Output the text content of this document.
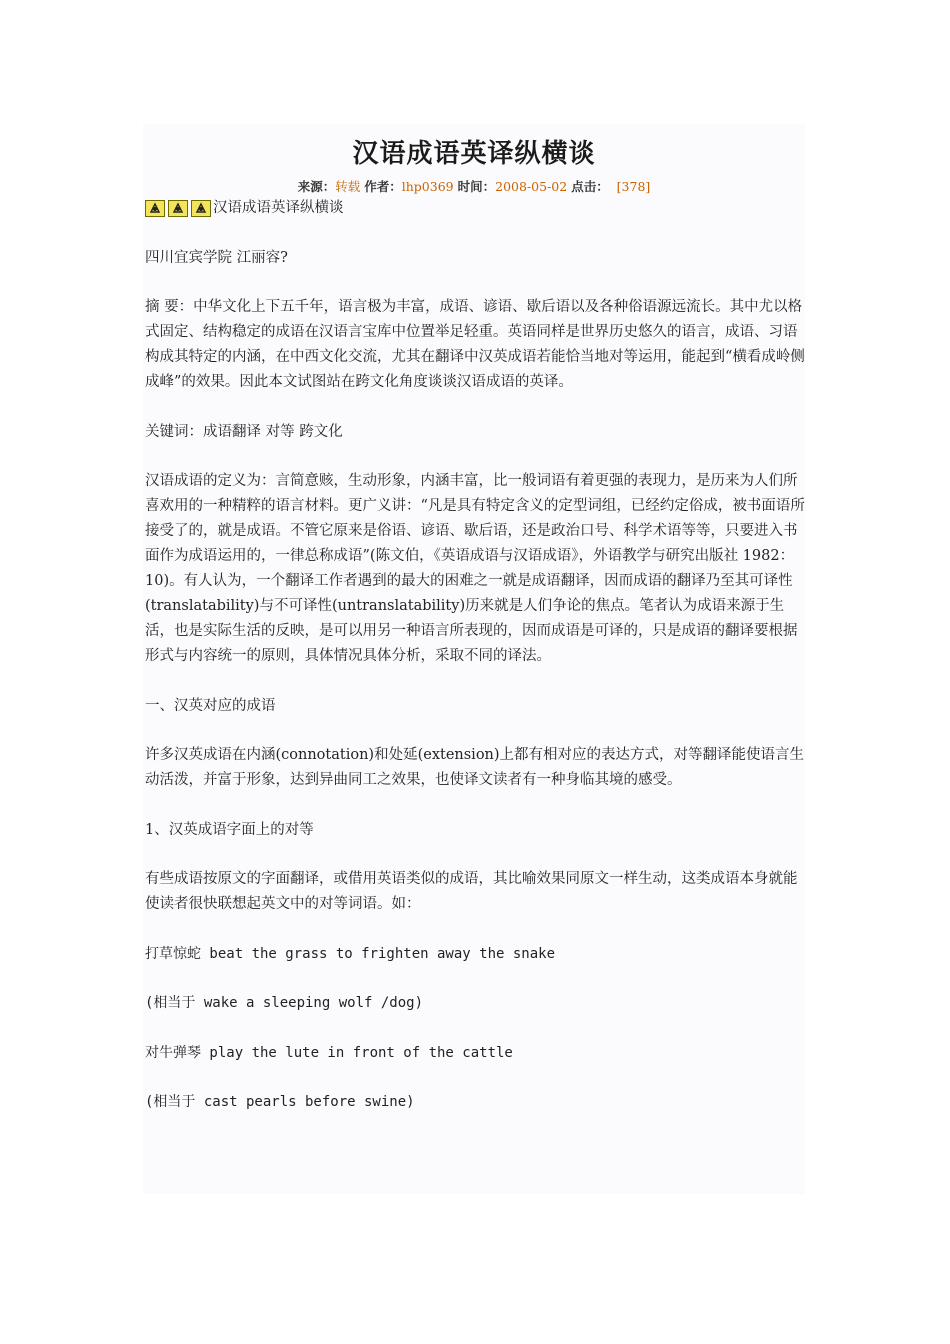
汉语成语英译纵横谈
来源：转载 作者：lhp0369 时间：2008-05-02 点击： [378]
汉语成语英译纵横谈

四川宜宾学院 江丽容?

摘 要：中华文化上下五千年，语言极为丰富，成语、谚语、歇后语以及各种俗语源远流长。其中尤以格式固定、结构稳定的成语在汉语言宝库中位置举足轻重。英语同样是世界历史悠久的语言，成语、习语构成其特定的内涵，在中西文化交流，尤其在翻译中汉英成语若能恰当地对等运用，能起到“横看成岭侧成峰”的效果。因此本文试图站在跨文化角度谈谈汉语成语的英译。

关键词：成语翻译 对等 跨文化

汉语成语的定义为：言简意赅，生动形象，内涵丰富，比一般词语有着更强的表现力，是历来为人们所喜欢用的一种精粹的语言材料。更广义讲：“凡是具有特定含义的定型词组，已经约定俗成，被书面语所接受了的，就是成语。不管它原来是俗语、谚语、歇后语，还是政治口号、科学术语等等，只要进入书面作为成语运用的，一律总称成语”(陈文伯，《英语成语与汉语成语》，外语教学与研究出版社 1982：10)。有人认为，一个翻译工作者遇到的最大的困难之一就是成语翻译，因而成语的翻译乃至其可译性(translatability)与不可译性(untranslatability)历来就是人们争论的焦点。笔者认为成语来源于生活，也是实际生活的反映，是可以用另一种语言所表现的，因而成语是可译的，只是成语的翻译要根据形式与内容统一的原则，具体情况具体分析，采取不同的译法。

一、汉英对应的成语

许多汉英成语在内涵(connotation)和处延(extension)上都有相对应的表达方式，对等翻译能使语言生动活泼，并富于形象，达到异曲同工之效果，也使译文读者有一种身临其境的感受。

1、汉英成语字面上的对等

有些成语按原文的字面翻译，或借用英语类似的成语，其比喻效果同原文一样生动，这类成语本身就能使读者很快联想起英文中的对等词语。如：

打草惊蛇 beat the grass to frighten away the snake

(相当于 wake a sleeping wolf /dog)

对牛弹琴 play the lute in front of the cattle

(相当于 cast pearls before swine)
